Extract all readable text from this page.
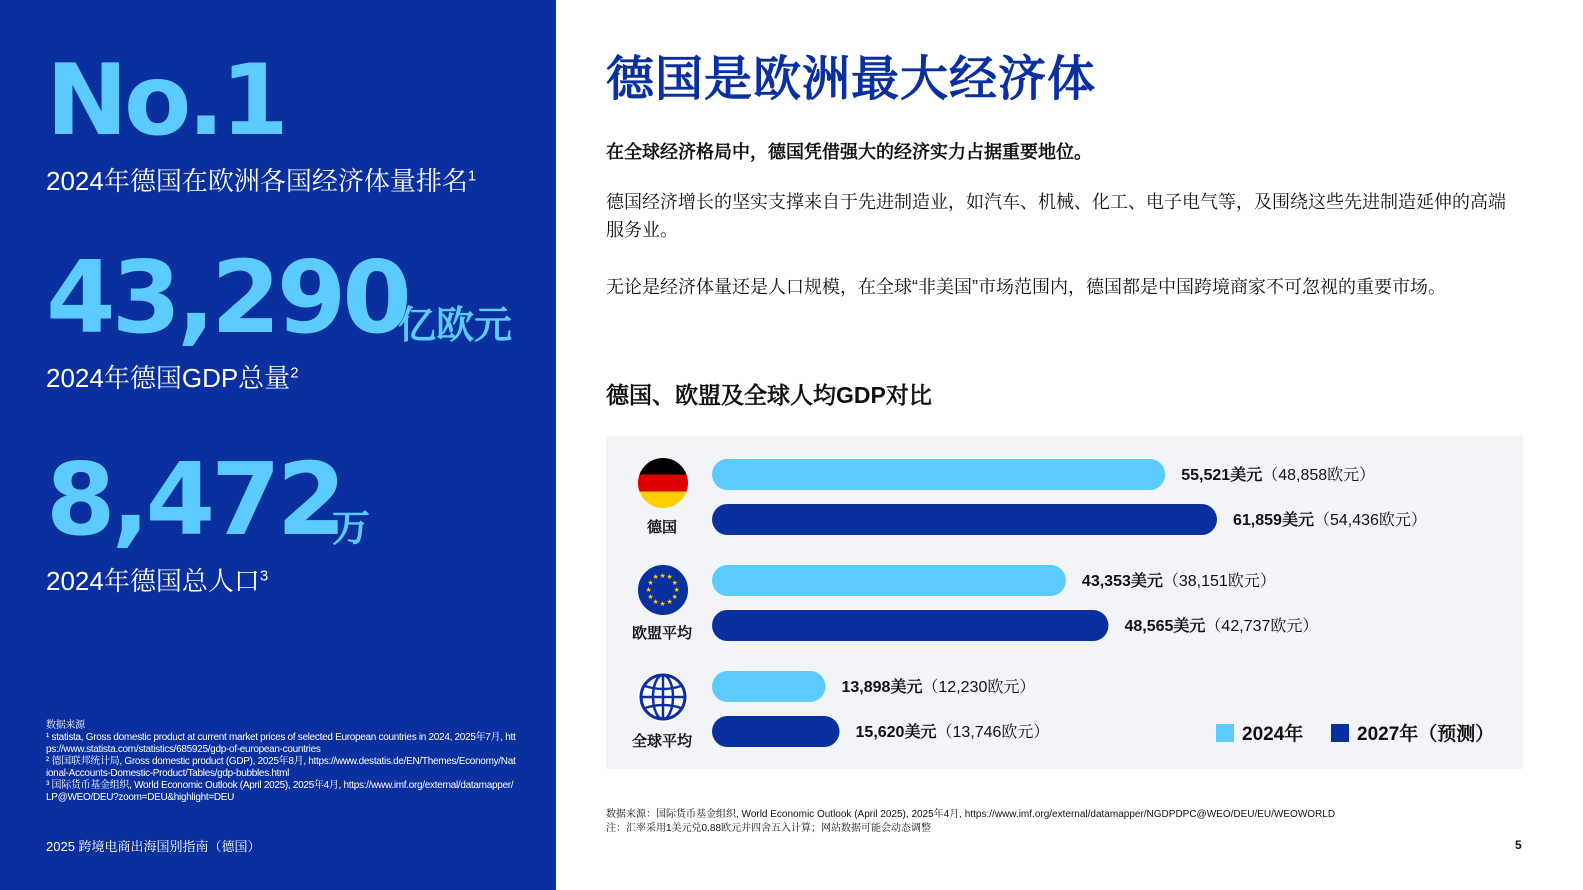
No.1
2024年德国在欧洲各国经济体量排名$^1$
43,290
亿欧元
2024年德国GDP总量$^2$
8,472
万
2024年德国总人口$^3$
数据来源
¹ statista, Gross domestic product at current market prices of selected European countries in 2024, 2025年7月, https://www.statista.com/statistics/685925/gdp-of-european-countries
² 德国联邦统计局, Gross domestic product (GDP), 2025年8月, https://www.destatis.de/EN/Themes/Economy/National-Accounts-Domestic-Product/Tables/gdp-bubbles.html
³ 国际货币基金组织, World Economic Outlook (April 2025), 2025年4月, https://www.imf.org/external/datamapper/LP@WEO/DEU?zoom=DEU&highlight=DEU
2025 跨境电商出海国别指南（德国）
德国是欧洲最大经济体
在全球经济格局中，德国凭借强大的经济实力占据重要地位。
德国经济增长的坚实支撑来自于先进制造业，如汽车、机械、化工、电子电气等，及围绕这些先进制造延伸的高端服务业。
无论是经济体量还是人口规模，在全球“非美国”市场范围内，德国都是中国跨境商家不可忽视的重要市场。
德国、欧盟及全球人均GDP对比
55,521美元（48,858欧元）
43,353美元（38,151欧元）
13,898美元（12,230欧元）
61,859美元（54,436欧元）
48,565美元（42,737欧元）
15,620美元（13,746欧元）
★ ★
★
★
★
★
★
★
★
★
★
★
德国
欧盟平均
全球平均	2024年	2027年（预测）
数据来源：国际货币基金组织, World Economic Outlook (April 2025), 2025年4月, https://www.imf.org/external/datamapper/NGDPDPC@WEO/DEU/EU/WEOWORLD
注：汇率采用1美元兑0.88欧元并四舍五入计算；网站数据可能会动态调整
5
